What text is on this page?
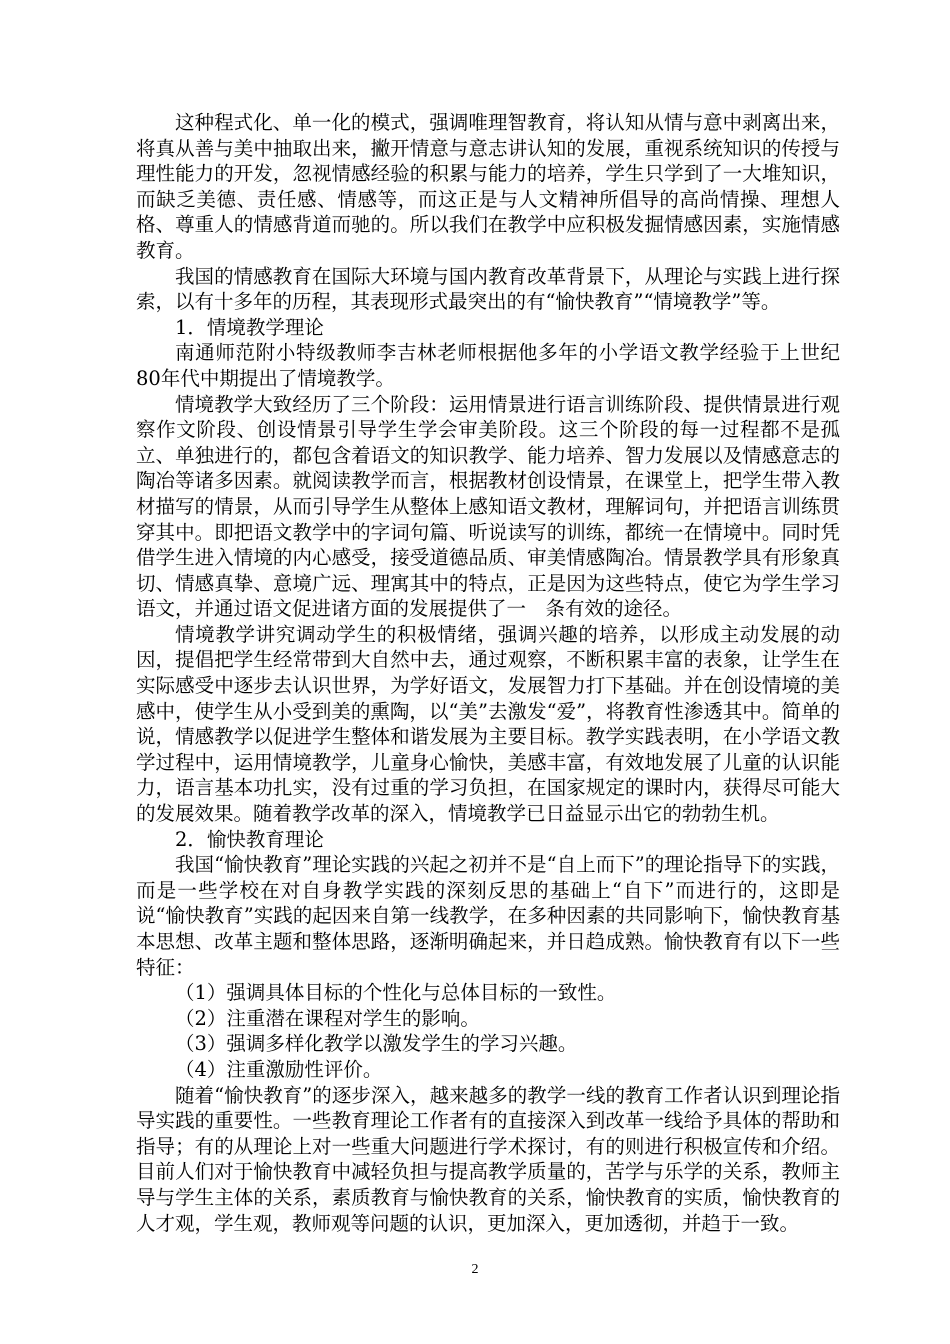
这种程式化、单一化的模式，强调唯理智教育，将认知从情与意中剥离出来，将真从善与美中抽取出来，撇开情意与意志讲认知的发展，重视系统知识的传授与理性能力的开发，忽视情感经验的积累与能力的培养，学生只学到了一大堆知识，而缺乏美德、责任感、情感等，而这正是与人文精神所倡导的高尚情操、理想人格、尊重人的情感背道而驰的。所以我们在教学中应积极发掘情感因素，实施情感教育。

我国的情感教育在国际大环境与国内教育改革背景下，从理论与实践上进行探索，以有十多年的历程，其表现形式最突出的有“愉快教育”“情境教学”等。

1．情境教学理论

南通师范附小特级教师李吉林老师根据他多年的小学语文教学经验于上世纪80年代中期提出了情境教学。

情境教学大致经历了三个阶段：运用情景进行语言训练阶段、提供情景进行观察作文阶段、创设情景引导学生学会审美阶段。这三个阶段的每一过程都不是孤立、单独进行的，都包含着语文的知识教学、能力培养、智力发展以及情感意志的陶冶等诸多因素。就阅读教学而言，根据教材创设情景，在课堂上，把学生带入教材描写的情景，从而引导学生从整体上感知语文教材，理解词句，并把语言训练贯穿其中。即把语文教学中的字词句篇、听说读写的训练，都统一在情境中。同时凭借学生进入情境的内心感受，接受道德品质、审美情感陶冶。情景教学具有形象真切、情感真挚、意境广远、理寓其中的特点，正是因为这些特点，使它为学生学习语文，并通过语文促进诸方面的发展提供了一　条有效的途径。

情境教学讲究调动学生的积极情绪，强调兴趣的培养，以形成主动发展的动因，提倡把学生经常带到大自然中去，通过观察，不断积累丰富的表象，让学生在实际感受中逐步去认识世界，为学好语文，发展智力打下基础。并在创设情境的美感中，使学生从小受到美的熏陶，以“美”去激发“爱”，将教育性渗透其中。简单的说，情感教学以促进学生整体和谐发展为主要目标。教学实践表明，在小学语文教学过程中，运用情境教学，儿童身心愉快，美感丰富，有效地发展了儿童的认识能力，语言基本功扎实，没有过重的学习负担，在国家规定的课时内，获得尽可能大的发展效果。随着教学改革的深入，情境教学已日益显示出它的勃勃生机。

2．愉快教育理论

我国“愉快教育”理论实践的兴起之初并不是“自上而下”的理论指导下的实践，而是一些学校在对自身教学实践的深刻反思的基础上“自下”而进行的，这即是说“愉快教育”实践的起因来自第一线教学，在多种因素的共同影响下，愉快教育基本思想、改革主题和整体思路，逐渐明确起来，并日趋成熟。愉快教育有以下一些特征：

（1）强调具体目标的个性化与总体目标的一致性。

（2）注重潜在课程对学生的影响。

（3）强调多样化教学以激发学生的学习兴趣。

（4）注重激励性评价。

随着“愉快教育”的逐步深入，越来越多的教学一线的教育工作者认识到理论指导实践的重要性。一些教育理论工作者有的直接深入到改革一线给予具体的帮助和指导；有的从理论上对一些重大问题进行学术探讨，有的则进行积极宣传和介绍。目前人们对于愉快教育中减轻负担与提高教学质量的，苦学与乐学的关系，教师主导与学生主体的关系，素质教育与愉快教育的关系，愉快教育的实质，愉快教育的人才观，学生观，教师观等问题的认识，更加深入，更加透彻，并趋于一致。

2
